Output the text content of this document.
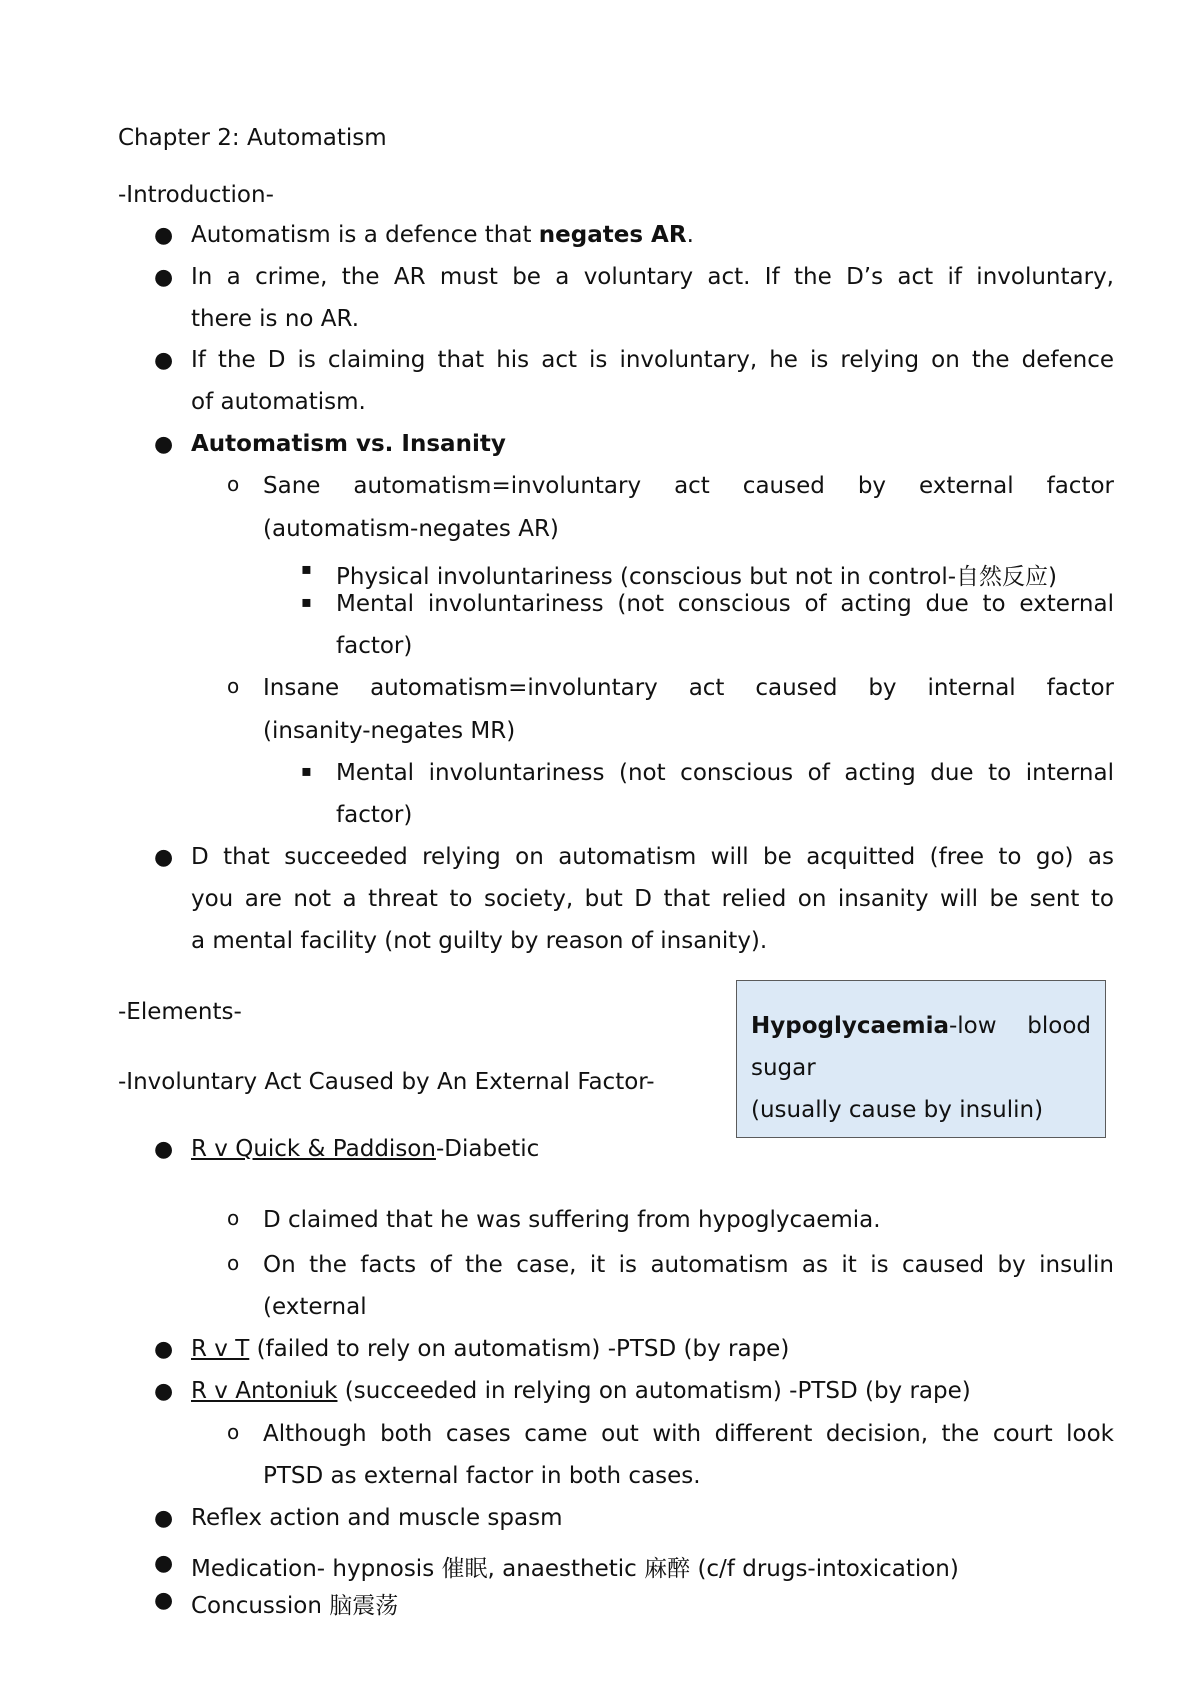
Chapter 2: Automatism
-Introduction-
● Automatism is a defence that negates AR.
● In a crime, the AR must be a voluntary act. If the D’s act if involuntary,
there is no AR.
● If the D is claiming that his act is involuntary, he is relying on the defence
of automatism.
● Automatism vs. Insanity
o Sane automatism=involuntary act caused by external factor
(automatism-negates AR)
▪ Physical involuntariness (conscious but not in control-自然反应)
▪ Mental involuntariness (not conscious of acting due to external
factor)
o Insane automatism=involuntary act caused by internal factor
(insanity-negates MR)
▪ Mental involuntariness (not conscious of acting due to internal
factor)
● D that succeeded relying on automatism will be acquitted (free to go) as
you are not a threat to society, but D that relied on insanity will be sent to
a mental facility (not guilty by reason of insanity).
-Elements-
-Involuntary Act Caused by An External Factor-
Hypoglycaemia-low blood
sugar
(usually cause by insulin)
● R v Quick & Paddison-Diabetic
o D claimed that he was suffering from hypoglycaemia.
o On the facts of the case, it is automatism as it is caused by insulin
(external
● R v T (failed to rely on automatism) -PTSD (by rape)
● R v Antoniuk (succeeded in relying on automatism) -PTSD (by rape)
o Although both cases came out with different decision, the court look
PTSD as external factor in both cases.
● Reflex action and muscle spasm
● Medication- hypnosis 催眠, anaesthetic 麻醉 (c/f drugs-intoxication)
● Concussion 脑震荡
